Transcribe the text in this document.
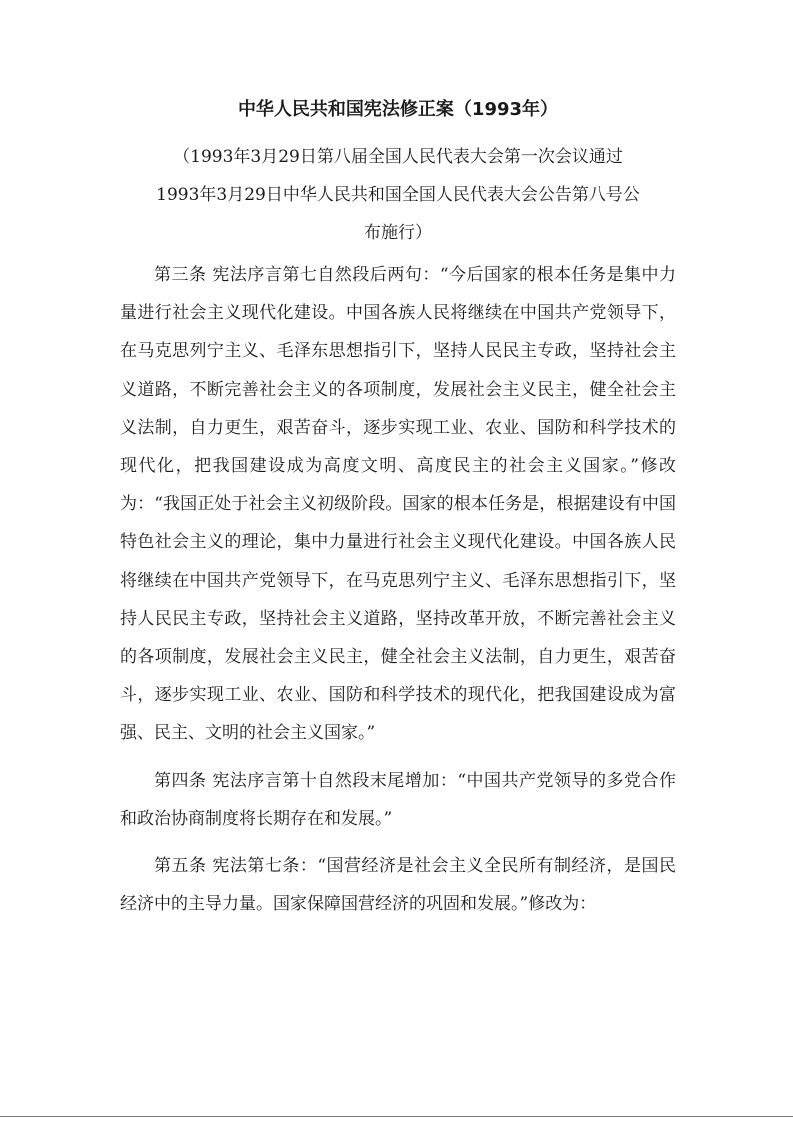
中华人民共和国宪法修正案（1993年）
（1993年3月29日第八届全国人民代表大会第一次会议通过
1993年3月29日中华人民共和国全国人民代表大会公告第八号公
布施行）

第三条 宪法序言第七自然段后两句：“今后国家的根本任务是集中力量进行社会主义现代化建设。中国各族人民将继续在中国共产党领导下，在马克思列宁主义、毛泽东思想指引下，坚持人民民主专政，坚持社会主义道路，不断完善社会主义的各项制度，发展社会主义民主，健全社会主义法制，自力更生，艰苦奋斗，逐步实现工业、农业、国防和科学技术的现代化，把我国建设成为高度文明、高度民主的社会主义国家。”修改为：“我国正处于社会主义初级阶段。国家的根本任务是，根据建设有中国特色社会主义的理论，集中力量进行社会主义现代化建设。中国各族人民将继续在中国共产党领导下，在马克思列宁主义、毛泽东思想指引下，坚持人民民主专政，坚持社会主义道路，坚持改革开放，不断完善社会主义的各项制度，发展社会主义民主，健全社会主义法制，自力更生，艰苦奋斗，逐步实现工业、农业、国防和科学技术的现代化，把我国建设成为富强、民主、文明的社会主义国家。”

第四条 宪法序言第十自然段末尾增加：“中国共产党领导的多党合作和政治协商制度将长期存在和发展。”

第五条 宪法第七条：“国营经济是社会主义全民所有制经济，是国民经济中的主导力量。国家保障国营经济的巩固和发展。”修改为：
